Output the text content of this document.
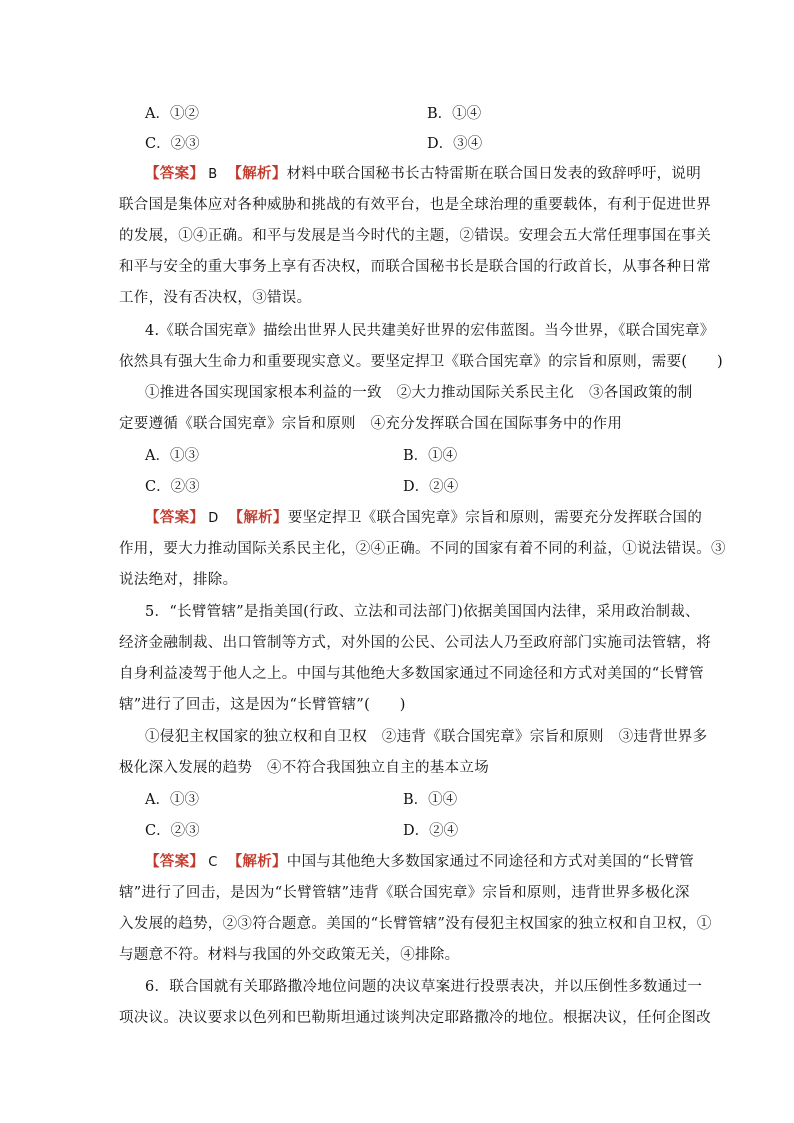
A．①②	B．①④
C．②③	D．③④
【答案】 B 【解析】材料中联合国秘书长古特雷斯在联合国日发表的致辞呼吁，说明
联合国是集体应对各种威胁和挑战的有效平台，也是全球治理的重要载体，有利于促进世界
的发展，①④正确。和平与发展是当今时代的主题，②错误。安理会五大常任理事国在事关
和平与安全的重大事务上享有否决权，而联合国秘书长是联合国的行政首长，从事各种日常
工作，没有否决权，③错误。
4.《联合国宪章》描绘出世界人民共建美好世界的宏伟蓝图。当今世界，《联合国宪章》
依然具有强大生命力和重要现实意义。要坚定捍卫《联合国宪章》的宗旨和原则，需要(　　)
①推进各国实现国家根本利益的一致　②大力推动国际关系民主化　③各国政策的制
定要遵循《联合国宪章》宗旨和原则　④充分发挥联合国在国际事务中的作用
A．①③	B．①④
C．②③	D．②④
【答案】 D 【解析】要坚定捍卫《联合国宪章》宗旨和原则，需要充分发挥联合国的
作用，要大力推动国际关系民主化，②④正确。不同的国家有着不同的利益，①说法错误。③
说法绝对，排除。
5．“长臂管辖”是指美国(行政、立法和司法部门)依据美国国内法律，采用政治制裁、
经济金融制裁、出口管制等方式，对外国的公民、公司法人乃至政府部门实施司法管辖，将
自身利益凌驾于他人之上。中国与其他绝大多数国家通过不同途径和方式对美国的“长臂管
辖”进行了回击，这是因为“长臂管辖”(　　)
①侵犯主权国家的独立权和自卫权　②违背《联合国宪章》宗旨和原则　③违背世界多
极化深入发展的趋势　④不符合我国独立自主的基本立场
A．①③	B．①④
C．②③	D．②④
【答案】 C 【解析】中国与其他绝大多数国家通过不同途径和方式对美国的“长臂管
辖”进行了回击，是因为“长臂管辖”违背《联合国宪章》宗旨和原则，违背世界多极化深
入发展的趋势，②③符合题意。美国的“长臂管辖”没有侵犯主权国家的独立权和自卫权，①
与题意不符。材料与我国的外交政策无关，④排除。
6．联合国就有关耶路撒冷地位问题的决议草案进行投票表决，并以压倒性多数通过一
项决议。决议要求以色列和巴勒斯坦通过谈判决定耶路撒冷的地位。根据决议，任何企图改
